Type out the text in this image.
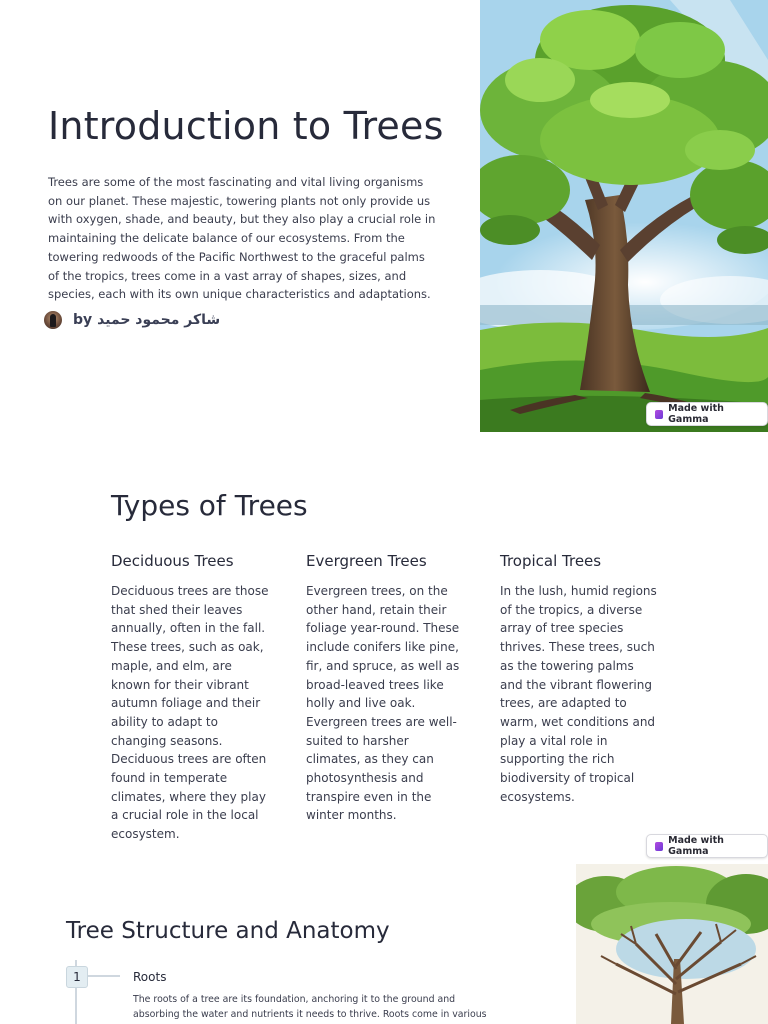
Introduction to Trees

Trees are some of the most fascinating and vital living organisms on our planet. These majestic, towering plants not only provide us with oxygen, shade, and beauty, but they also play a crucial role in maintaining the delicate balance of our ecosystems. From the towering redwoods of the Pacific Northwest to the graceful palms of the tropics, trees come in a vast array of shapes, sizes, and species, each with its own unique characteristics and adaptations.

by شاكر محمود حميد
Made with Gamma
Types of Trees
Deciduous Trees

Deciduous trees are those that shed their leaves annually, often in the fall. These trees, such as oak, maple, and elm, are known for their vibrant autumn foliage and their ability to adapt to changing seasons. Deciduous trees are often found in temperate climates, where they play a crucial role in the local ecosystem.

Evergreen Trees

Evergreen trees, on the other hand, retain their foliage year-round. These include conifers like pine, fir, and spruce, as well as broad-leaved trees like holly and live oak. Evergreen trees are well-suited to harsher climates, as they can photosynthesis and transpire even in the winter months.

Tropical Trees

In the lush, humid regions of the tropics, a diverse array of tree species thrives. These trees, such as the towering palms and the vibrant flowering trees, are adapted to warm, wet conditions and play a vital role in supporting the rich biodiversity of tropical ecosystems.

Made with Gamma
Tree Structure and Anatomy
1	Roots
The roots of a tree are its foundation, anchoring it to the ground and absorbing the water and nutrients it needs to thrive. Roots come in various
